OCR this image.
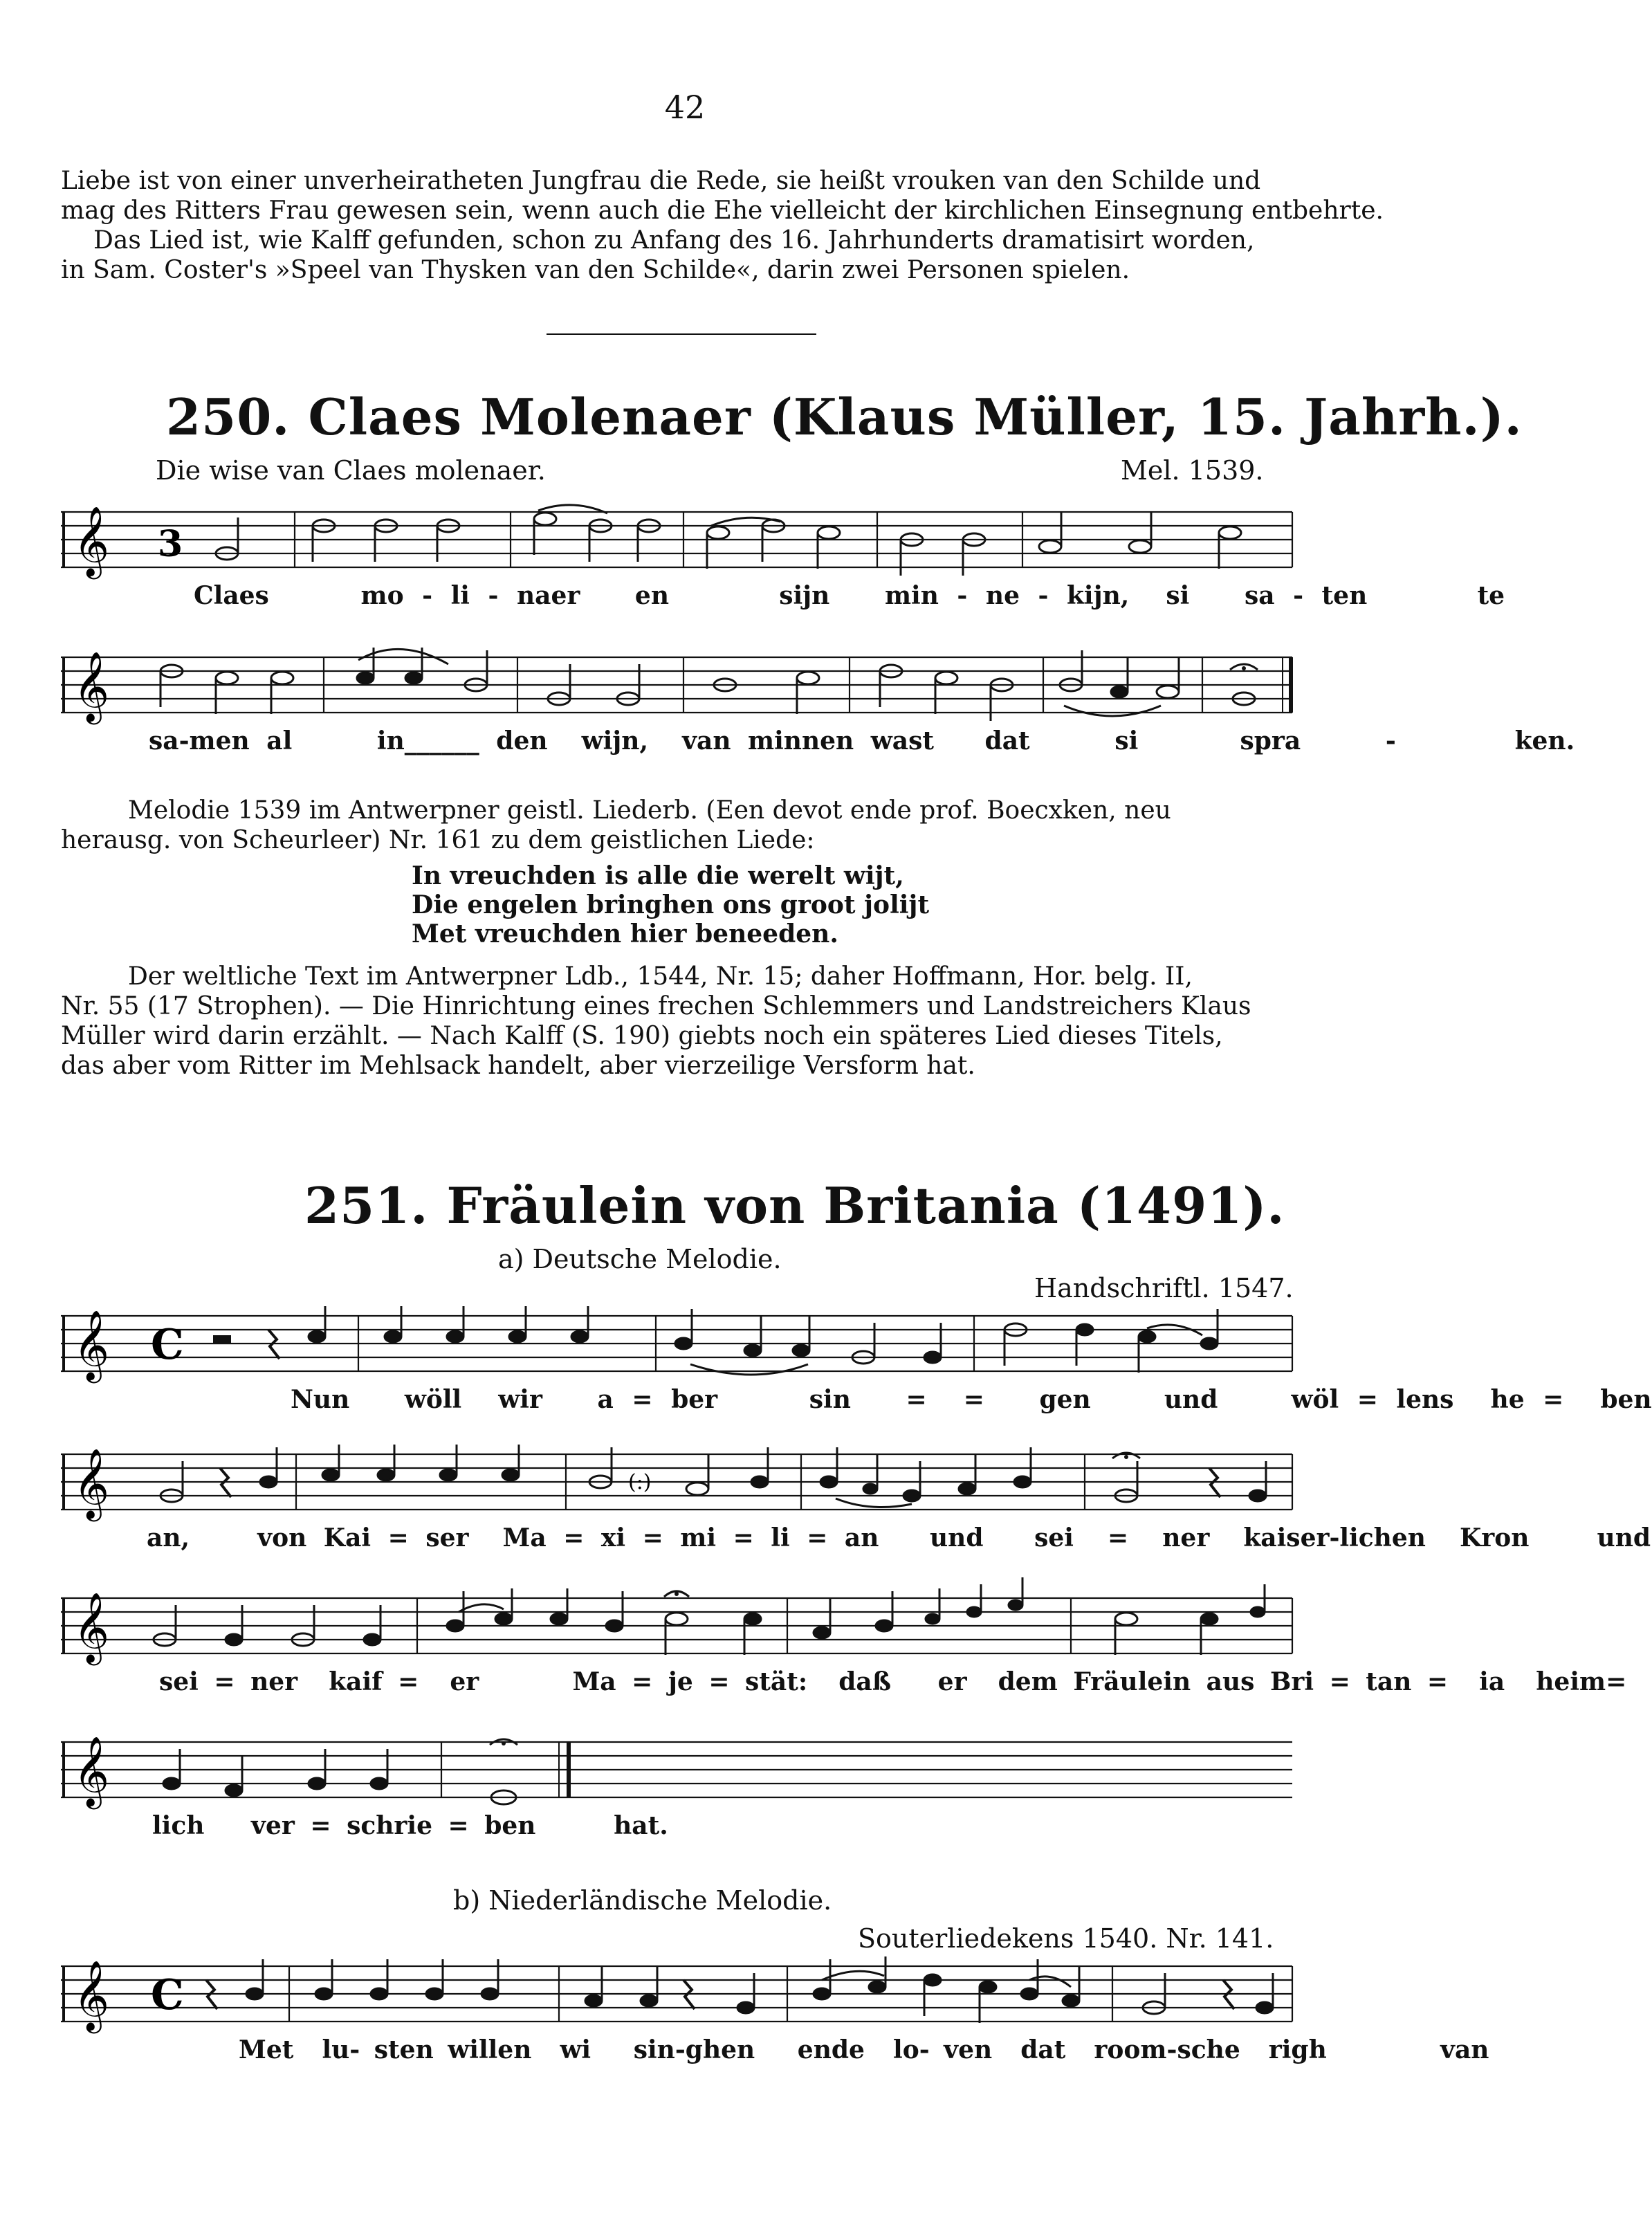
42
Liebe ist von einer unverheiratheten Jungfrau die Rede, sie heißt vrouken van den Schilde und
mag des Ritters Frau gewesen sein, wenn auch die Ehe vielleicht der kirchlichen Einsegnung entbehrte.
Das Lied ist, wie Kalff gefunden, schon zu Anfang des 16. Jahrhunderts dramatisirt worden,
in Sam. Coster's »Speel van Thysken van den Schilde«, darin zwei Personen spielen.
250. Claes Molenaer (Klaus Müller, 15. Jahrh.).
Die wise van Claes molenaer.	Mel. 1539.
𝄞 3
Claes     mo - li - naer   en      sijn   min - ne - kijn,  si   sa - ten      te
𝄞
sa-men al     in______ den  wijn,  van minnen wast   dat     si      spra     -       ken.
Melodie 1539 im Antwerpner geistl. Liederb. (Een devot ende prof. Boecxken, neu
herausg. von Scheurleer) Nr. 161 zu dem geistlichen Liede:
In vreuchden is alle die werelt wijt,
Die engelen bringhen ons groot jolijt
Met vreuchden hier beneeden.
Der weltliche Text im Antwerpner Ldb., 1544, Nr. 15; daher Hoffmann, Hor. belg. II,
Nr. 55 (17 Strophen). — Die Hinrichtung eines frechen Schlemmers und Landstreichers Klaus
Müller wird darin erzählt. — Nach Kalff (S. 190) giebts noch ein späteres Lied dieses Titels,
das aber vom Ritter im Mehlsack handelt, aber vierzeilige Versform hat.
251. Fräulein von Britania (1491).
a) Deutsche Melodie.
Handschriftl. 1547.
𝄞 C
Nun   wöll  wir   a = ber     sin   =  =   gen    und    wöl = lens  he =  ben
𝄞	(:)
an,    von Kai = ser  Ma = xi = mi = li = an   und   sei  =  ner  kaiser-lichen  Kron    und
𝄞
sei = ner  kaif =  er      Ma = je = stät:  daß   er  dem Fräulein aus Bri = tan =  ia  heim=
𝄞
lich   ver = schrie = ben     hat.
b) Niederländische Melodie.
Souterliedekens 1540. Nr. 141.
𝄞 C
Met  lu- sten willen  wi   sin-ghen   ende  lo- ven  dat  room-sche  righ        van
